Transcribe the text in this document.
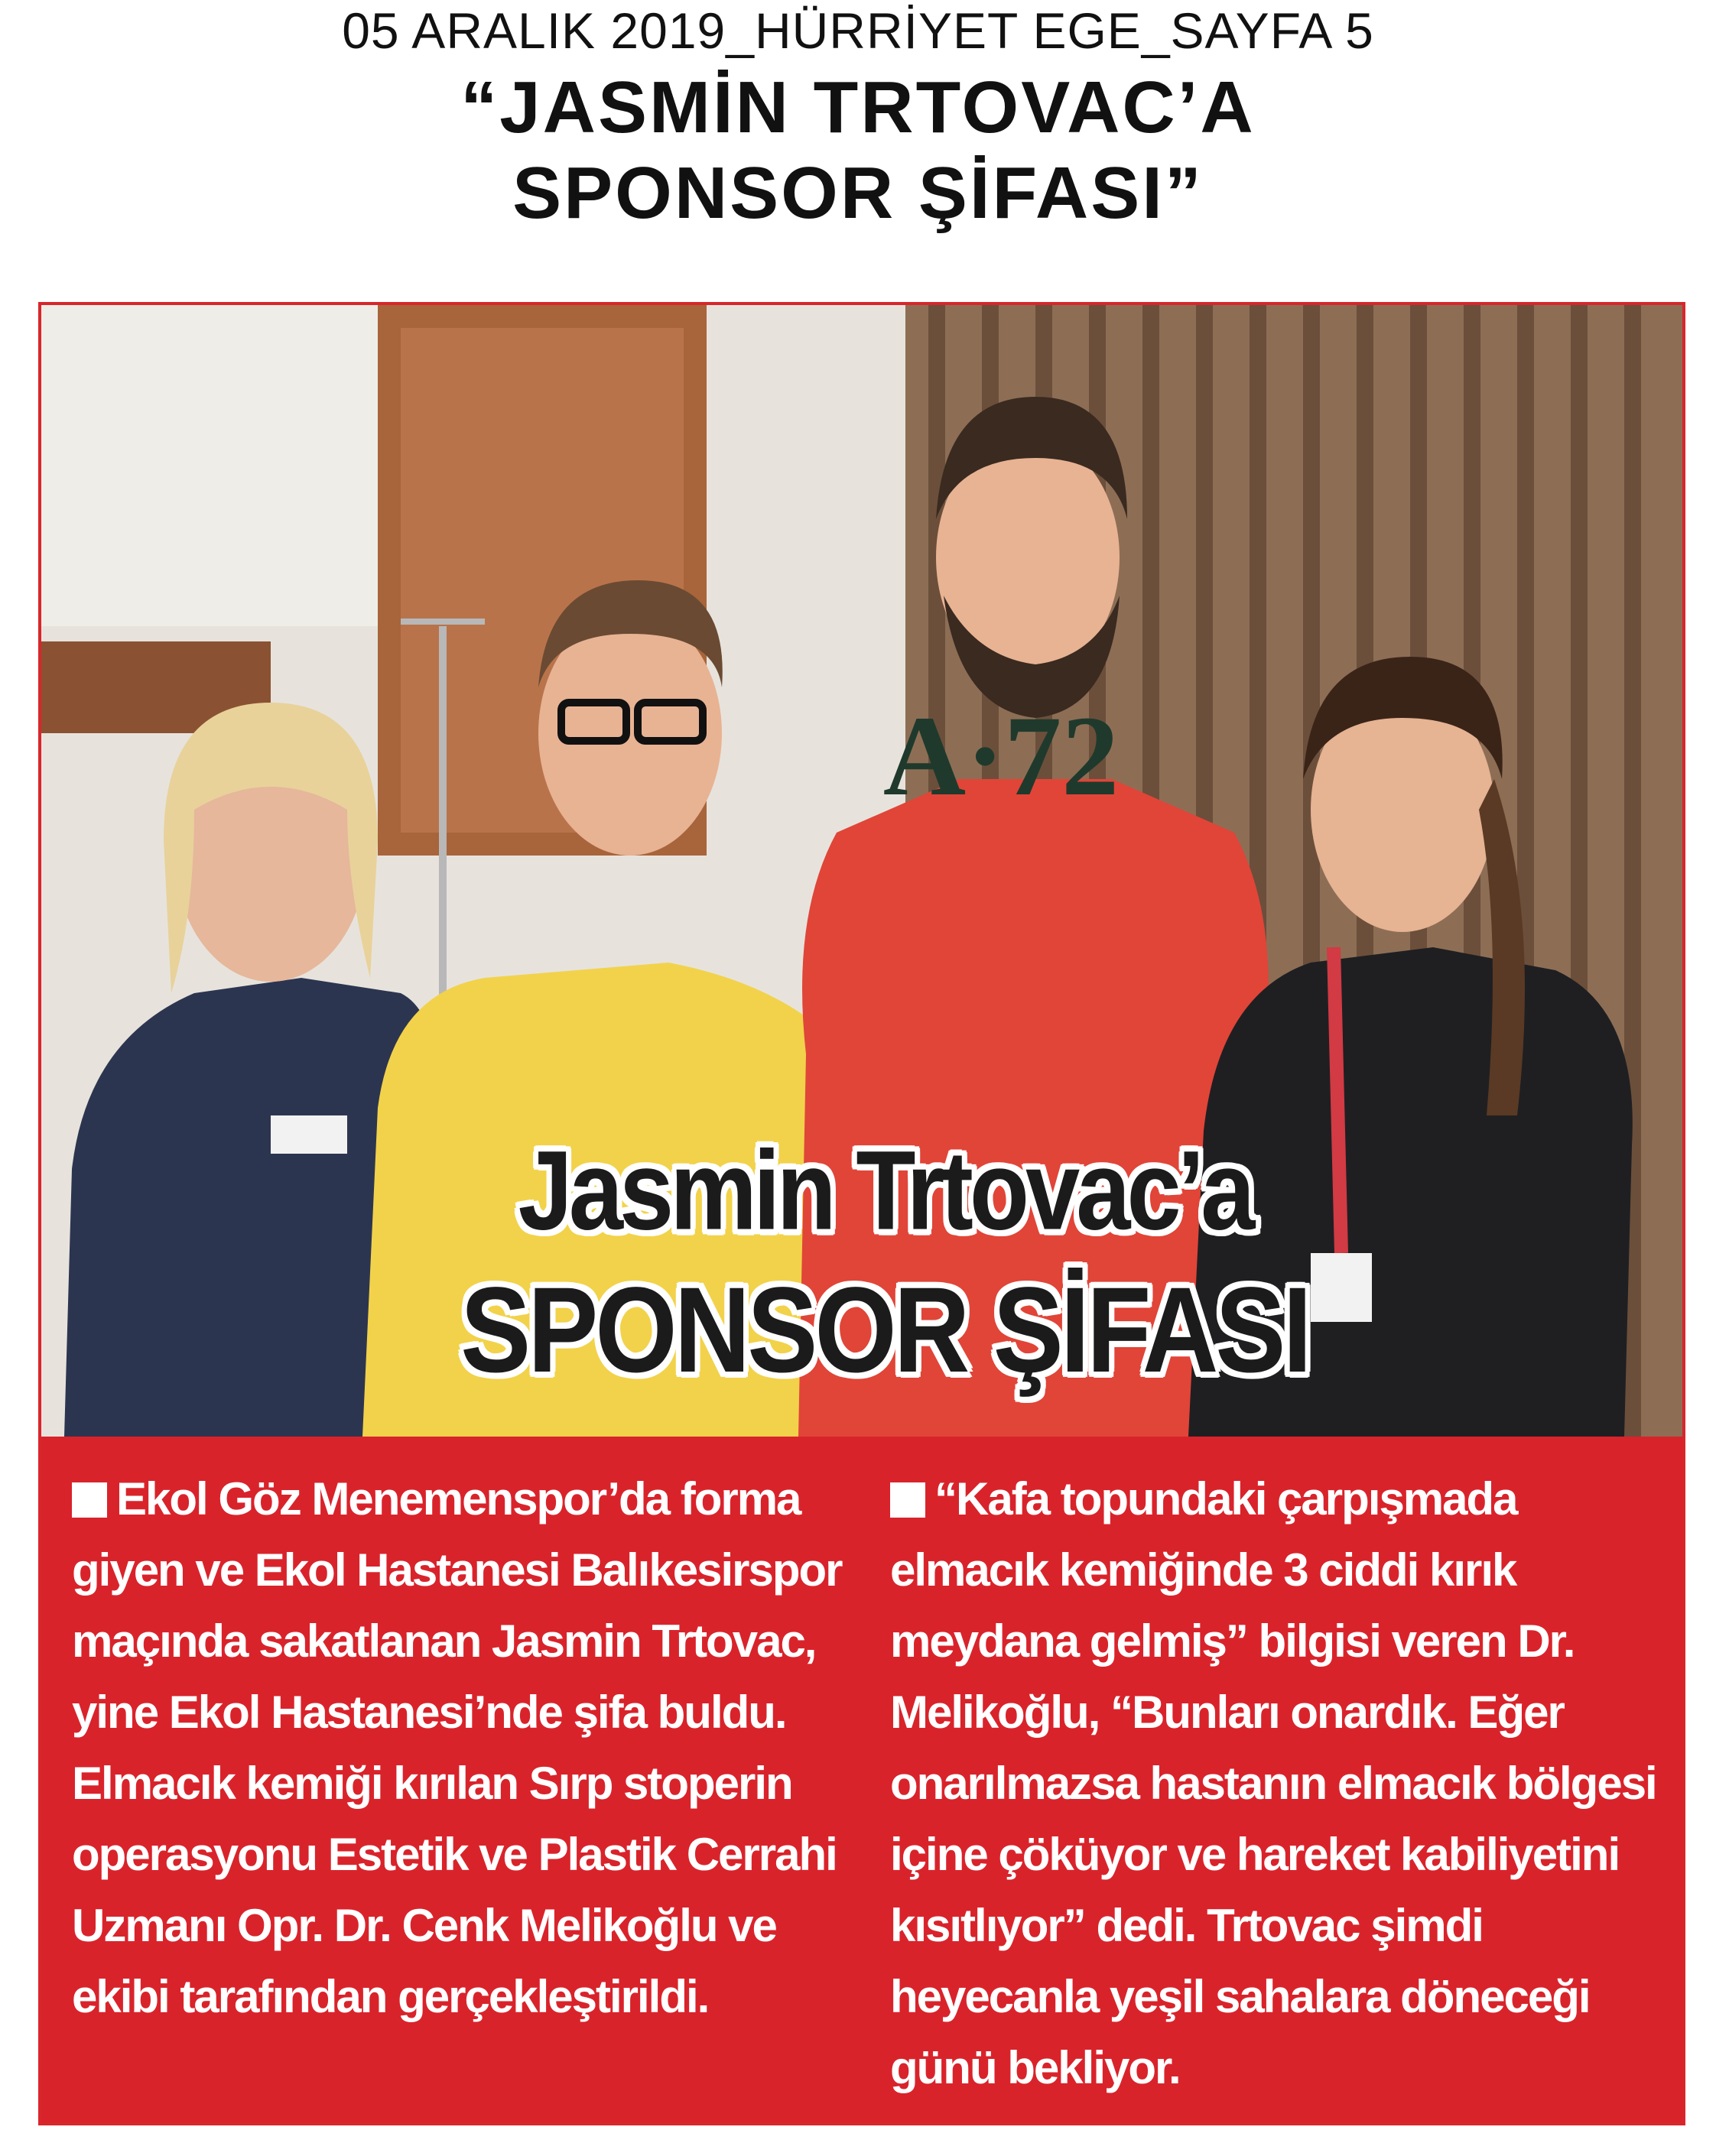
05 ARALIK 2019_HÜRRİYET EGE_SAYFA 5
“JASMİN TRTOVAC’A
SPONSOR ŞİFASI”
A·72
Jasmin Trtovac’a
SPONSOR ŞİFASI

Ekol Göz Menemenspor’da forma giyen ve Ekol Hastanesi Balıkesirspor maçında sakatlanan Jasmin Trtovac, yine Ekol Hastanesi’nde şifa buldu. Elmacık kemiği kırılan Sırp stoperin operasyonu Estetik ve Plastik Cerrahi Uzmanı Opr. Dr. Cenk Melikoğlu ve ekibi tarafından gerçekleştirildi.

“Kafa topundaki çarpışmada elmacık kemiğinde 3 ciddi kırık meydana gelmiş” bilgisi veren Dr. Melikoğlu, “Bunları onardık. Eğer onarılmazsa hastanın elmacık bölgesi içine çöküyor ve hareket kabiliyetini kısıtlıyor” dedi. Trtovac şimdi heyecanla yeşil sahalara döneceği günü bekliyor.
